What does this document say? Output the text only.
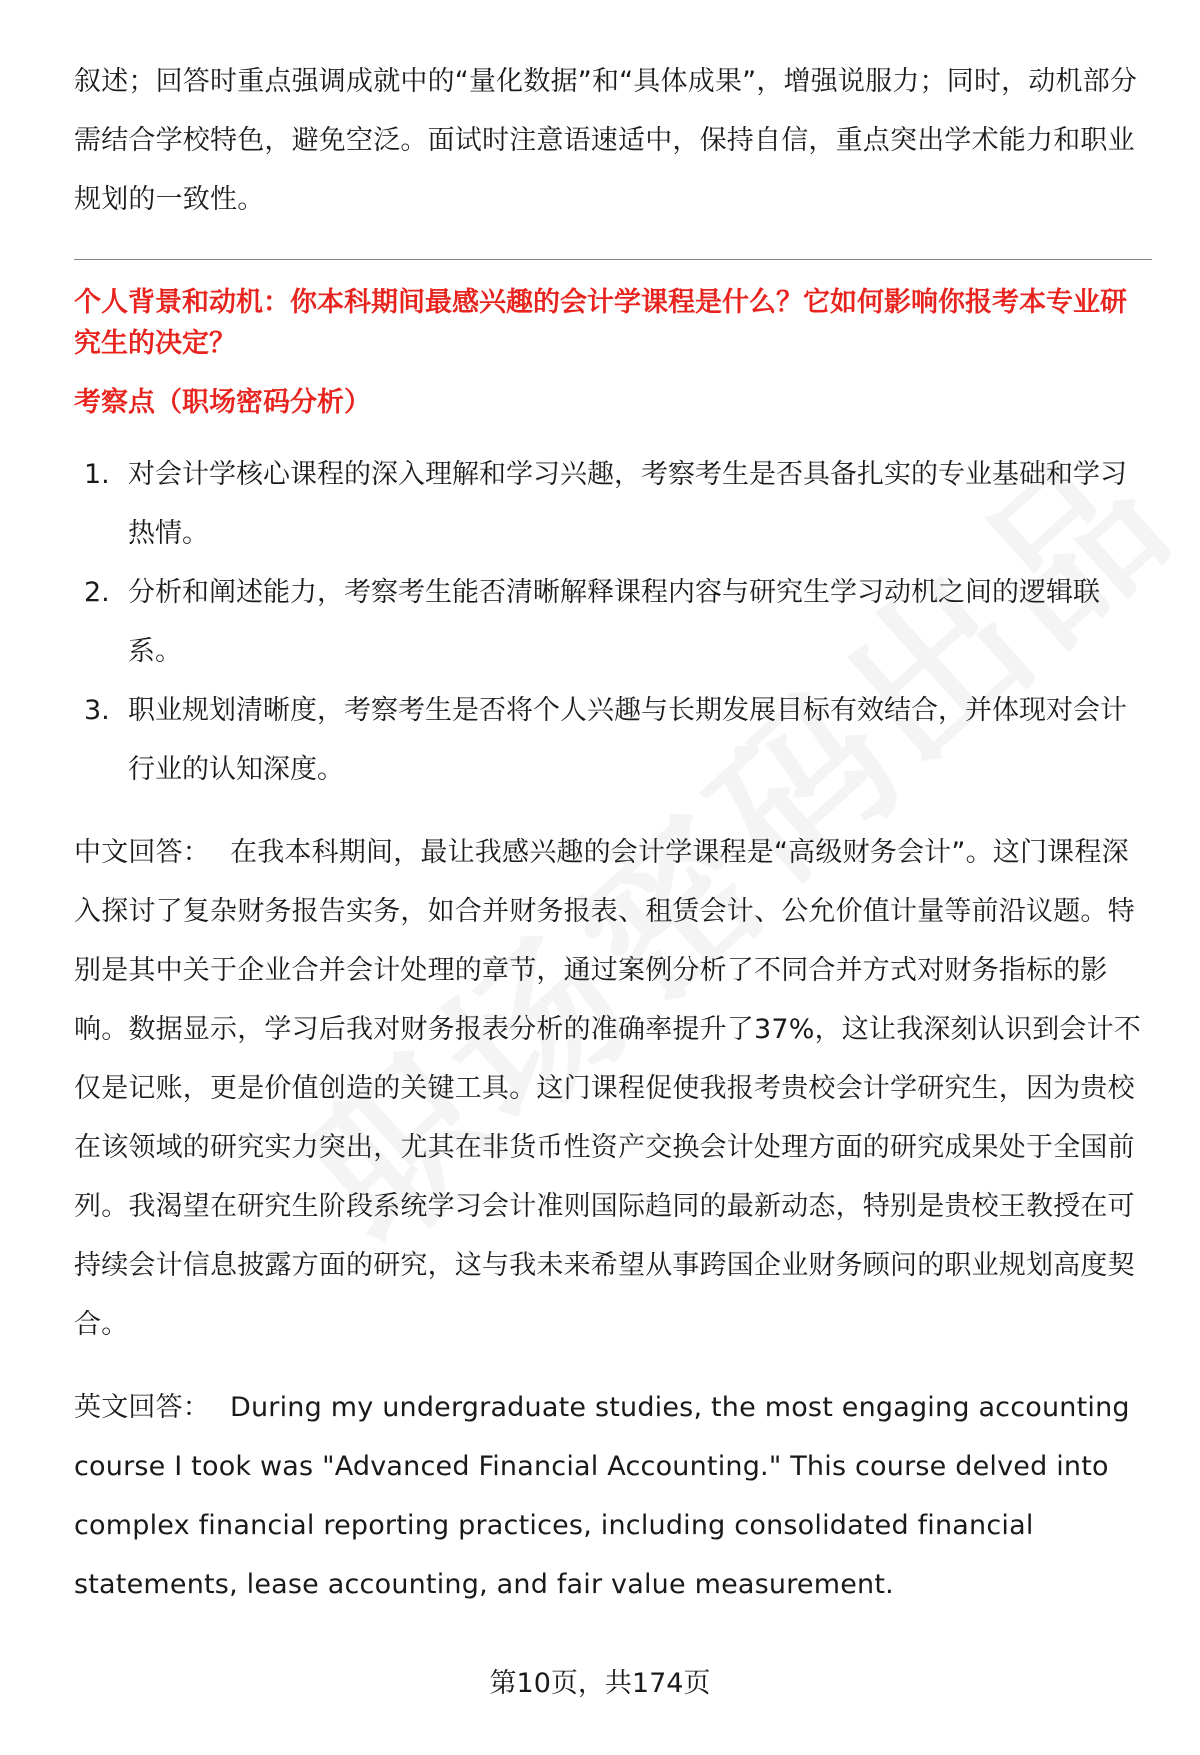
叙述；回答时重点强调成就中的“量化数据”和“具体成果”，增强说服力；同时，动机部分需结合学校特色，避免空泛。面试时注意语速适中，保持自信，重点突出学术能力和职业规划的一致性。

个人背景和动机：你本科期间最感兴趣的会计学课程是什么？它如何影响你报考本专业研究生的决定？
考察点（职场密码分析）
1. 对会计学核心课程的深入理解和学习兴趣，考察考生是否具备扎实的专业基础和学习热情。
2. 分析和阐述能力，考察考生能否清晰解释课程内容与研究生学习动机之间的逻辑联系。
3. 职业规划清晰度，考察考生是否将个人兴趣与长期发展目标有效结合，并体现对会计行业的认知深度。

中文回答： 在我本科期间，最让我感兴趣的会计学课程是“高级财务会计”。这门课程深入探讨了复杂财务报告实务，如合并财务报表、租赁会计、公允价值计量等前沿议题。特别是其中关于企业合并会计处理的章节，通过案例分析了不同合并方式对财务指标的影响。数据显示，学习后我对财务报表分析的准确率提升了37%，这让我深刻认识到会计不仅是记账，更是价值创造的关键工具。这门课程促使我报考贵校会计学研究生，因为贵校在该领域的研究实力突出，尤其在非货币性资产交换会计处理方面的研究成果处于全国前列。我渴望在研究生阶段系统学习会计准则国际趋同的最新动态，特别是贵校王教授在可持续会计信息披露方面的研究，这与我未来希望从事跨国企业财务顾问的职业规划高度契合。

英文回答： During my undergraduate studies, the most engaging accounting course I took was "Advanced Financial Accounting." This course delved into complex financial reporting practices, including consolidated financial statements, lease accounting, and fair value measurement.

第10页，共174页
